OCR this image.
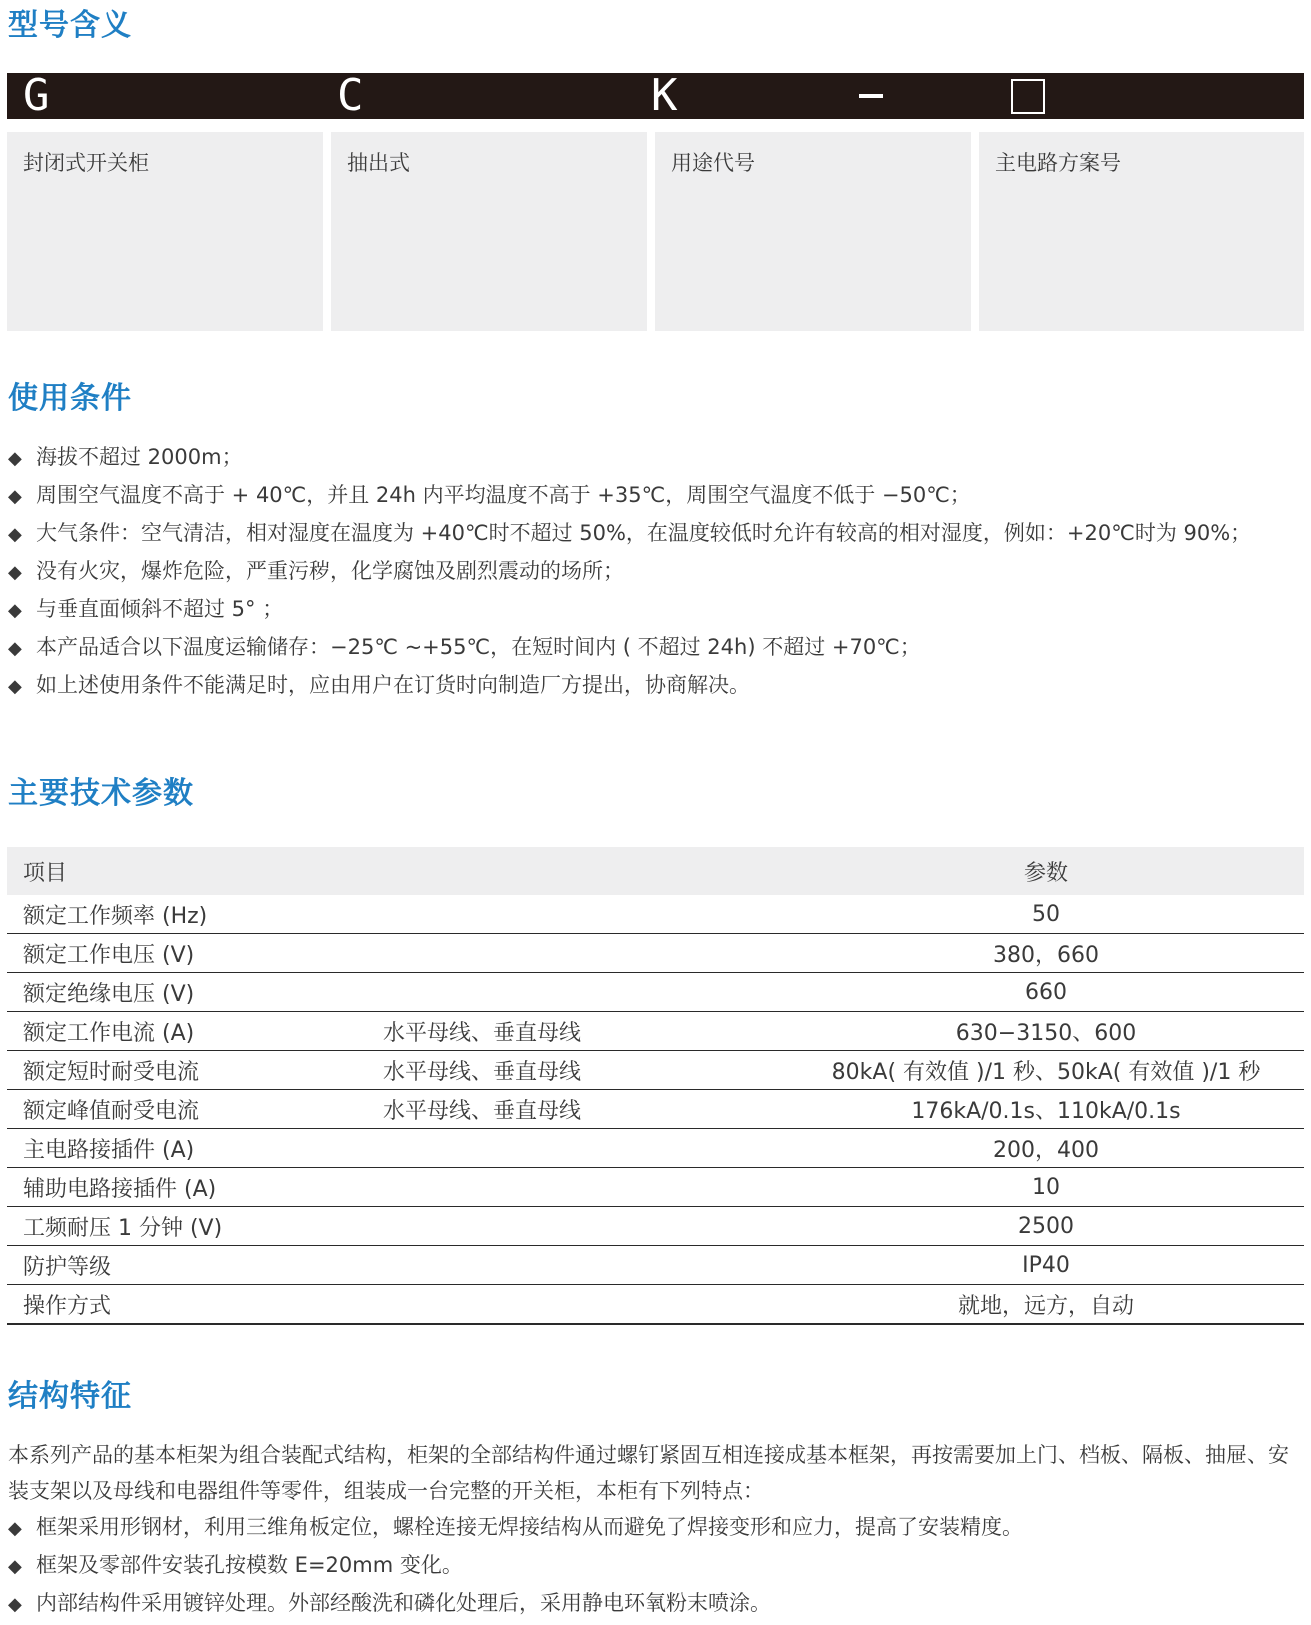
型号含义
G	C	K
封闭式开关柜	抽出式	用途代号	主电路方案号
使用条件
◆ 海拔不超过 2000m；
◆ 周围空气温度不高于 + 40℃，并且 24h 内平均温度不高于 +35℃，周围空气温度不低于 −50℃；
◆ 大气条件：空气清洁，相对湿度在温度为 +40℃时不超过 50%，在温度较低时允许有较高的相对湿度，例如：+20℃时为 90%；
◆ 没有火灾，爆炸危险，严重污秽，化学腐蚀及剧烈震动的场所；
◆ 与垂直面倾斜不超过 5° ；
◆ 本产品适合以下温度运输储存：−25℃ ~+55℃，在短时间内 ( 不超过 24h) 不超过 +70℃；
◆ 如上述使用条件不能满足时，应由用户在订货时向制造厂方提出，协商解决。
主要技术参数
项目		参数
额定工作频率 (Hz)		50
额定工作电压 (V)		380，660
额定绝缘电压 (V)		660
额定工作电流 (A)	水平母线、垂直母线	630−3150、600
额定短时耐受电流	水平母线、垂直母线	80kA( 有效值 )/1 秒、50kA( 有效值 )/1 秒
额定峰值耐受电流	水平母线、垂直母线	176kA/0.1s、110kA/0.1s
主电路接插件 (A)		200，400
辅助电路接插件 (A)		10
工频耐压 1 分钟 (V)		2500
防护等级		IP40
操作方式		就地，远方，自动
结构特征

本系列产品的基本柜架为组合装配式结构，柜架的全部结构件通过螺钉紧固互相连接成基本框架，再按需要加上门、档板、隔板、抽屉、安装支架以及母线和电器组件等零件，组装成一台完整的开关柜，本柜有下列特点：

◆ 框架采用形钢材，利用三维角板定位，螺栓连接无焊接结构从而避免了焊接变形和应力，提高了安装精度。
◆ 框架及零部件安装孔按模数 E=20mm 变化。
◆ 内部结构件采用镀锌处理。外部经酸洗和磷化处理后，采用静电环氧粉末喷涂。
